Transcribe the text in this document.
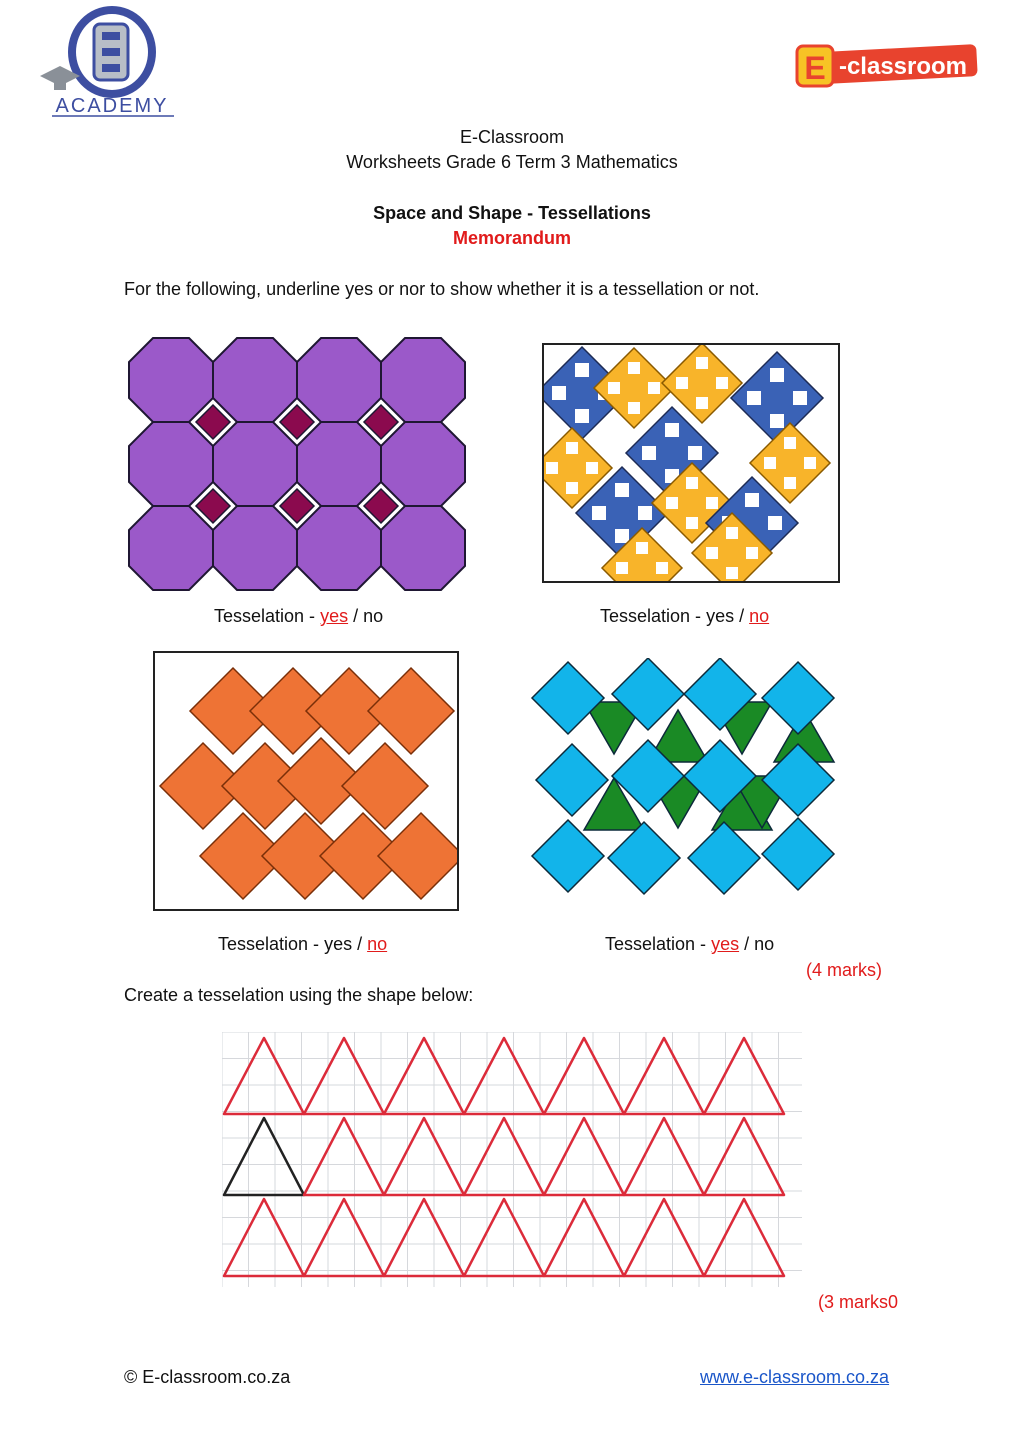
ACADEMY
E -classroom
E-Classroom
Worksheets Grade 6 Term 3 Mathematics
Space and Shape - Tessellations
Memorandum
For the following, underline yes or nor to show whether it is a tessellation or not.
Tesselation - yes / no	Tesselation - yes / no
Tesselation - yes / no	Tesselation - yes / no
(4 marks)
Create a tesselation using the shape below:
(3 marks0
© E-classroom.co.za	www.e-classroom.co.za
